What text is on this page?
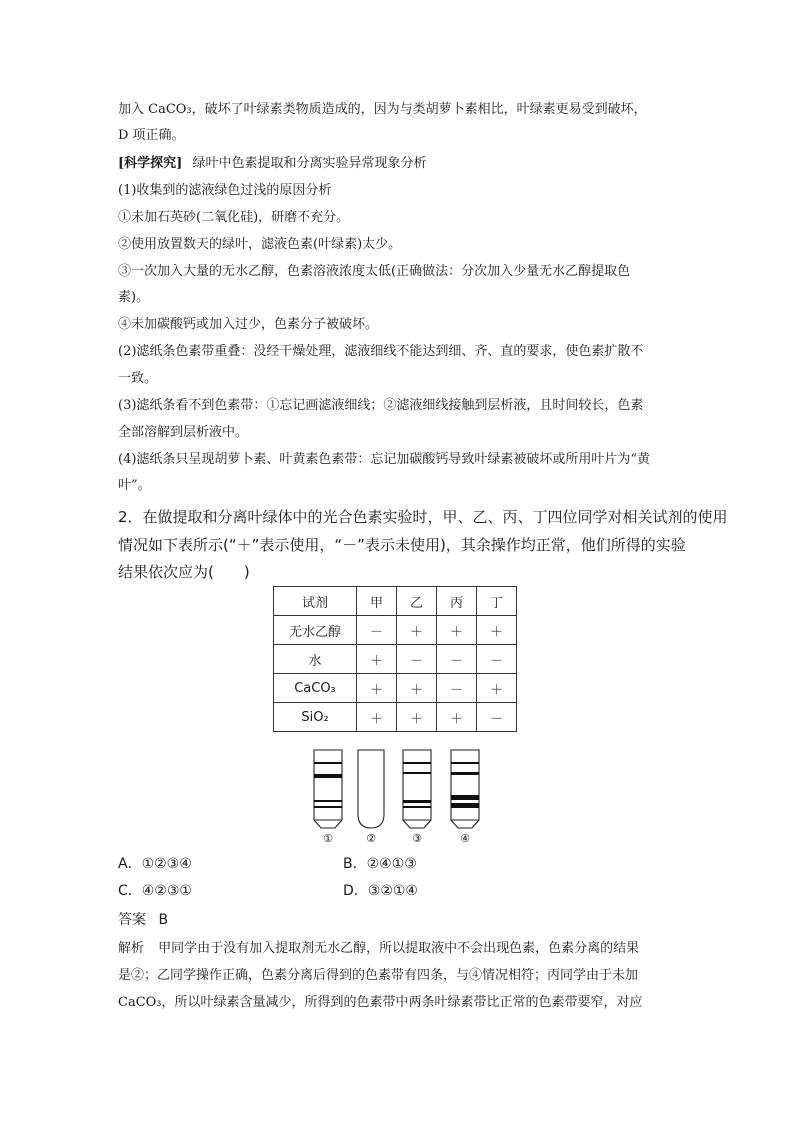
加入 CaCO₃，破坏了叶绿素类物质造成的，因为与类胡萝卜素相比，叶绿素更易受到破坏，
D 项正确。
[科学探究] 绿叶中色素提取和分离实验异常现象分析
(1)收集到的滤液绿色过浅的原因分析
①未加石英砂(二氧化硅)，研磨不充分。
②使用放置数天的绿叶，滤液色素(叶绿素)太少。
③一次加入大量的无水乙醇，色素溶液浓度太低(正确做法：分次加入少量无水乙醇提取色
素)。
④未加碳酸钙或加入过少，色素分子被破坏。
(2)滤纸条色素带重叠：没经干燥处理，滤液细线不能达到细、齐、直的要求，使色素扩散不
一致。
(3)滤纸条看不到色素带：①忘记画滤液细线；②滤液细线接触到层析液，且时间较长，色素
全部溶解到层析液中。
(4)滤纸条只呈现胡萝卜素、叶黄素色素带：忘记加碳酸钙导致叶绿素被破坏或所用叶片为“黄
叶”。
2．在做提取和分离叶绿体中的光合色素实验时，甲、乙、丙、丁四位同学对相关试剂的使用
情况如下表所示(“＋”表示使用，“－”表示未使用)，其余操作均正常，他们所得的实验
结果依次应为(　　)
试剂	甲	乙	丙	丁
无水乙醇	－	＋	＋	＋
水	＋	－	－	－
CaCO₃	＋	＋	－	＋
SiO₂	＋	＋	＋	－
①	②	③	④
A．①②③④	B．②④①③
C．④②③①	D．③②①④
答案 B
解析 甲同学由于没有加入提取剂无水乙醇，所以提取液中不会出现色素，色素分离的结果
是②；乙同学操作正确，色素分离后得到的色素带有四条，与④情况相符；丙同学由于未加
CaCO₃，所以叶绿素含量减少，所得到的色素带中两条叶绿素带比正常的色素带要窄，对应
